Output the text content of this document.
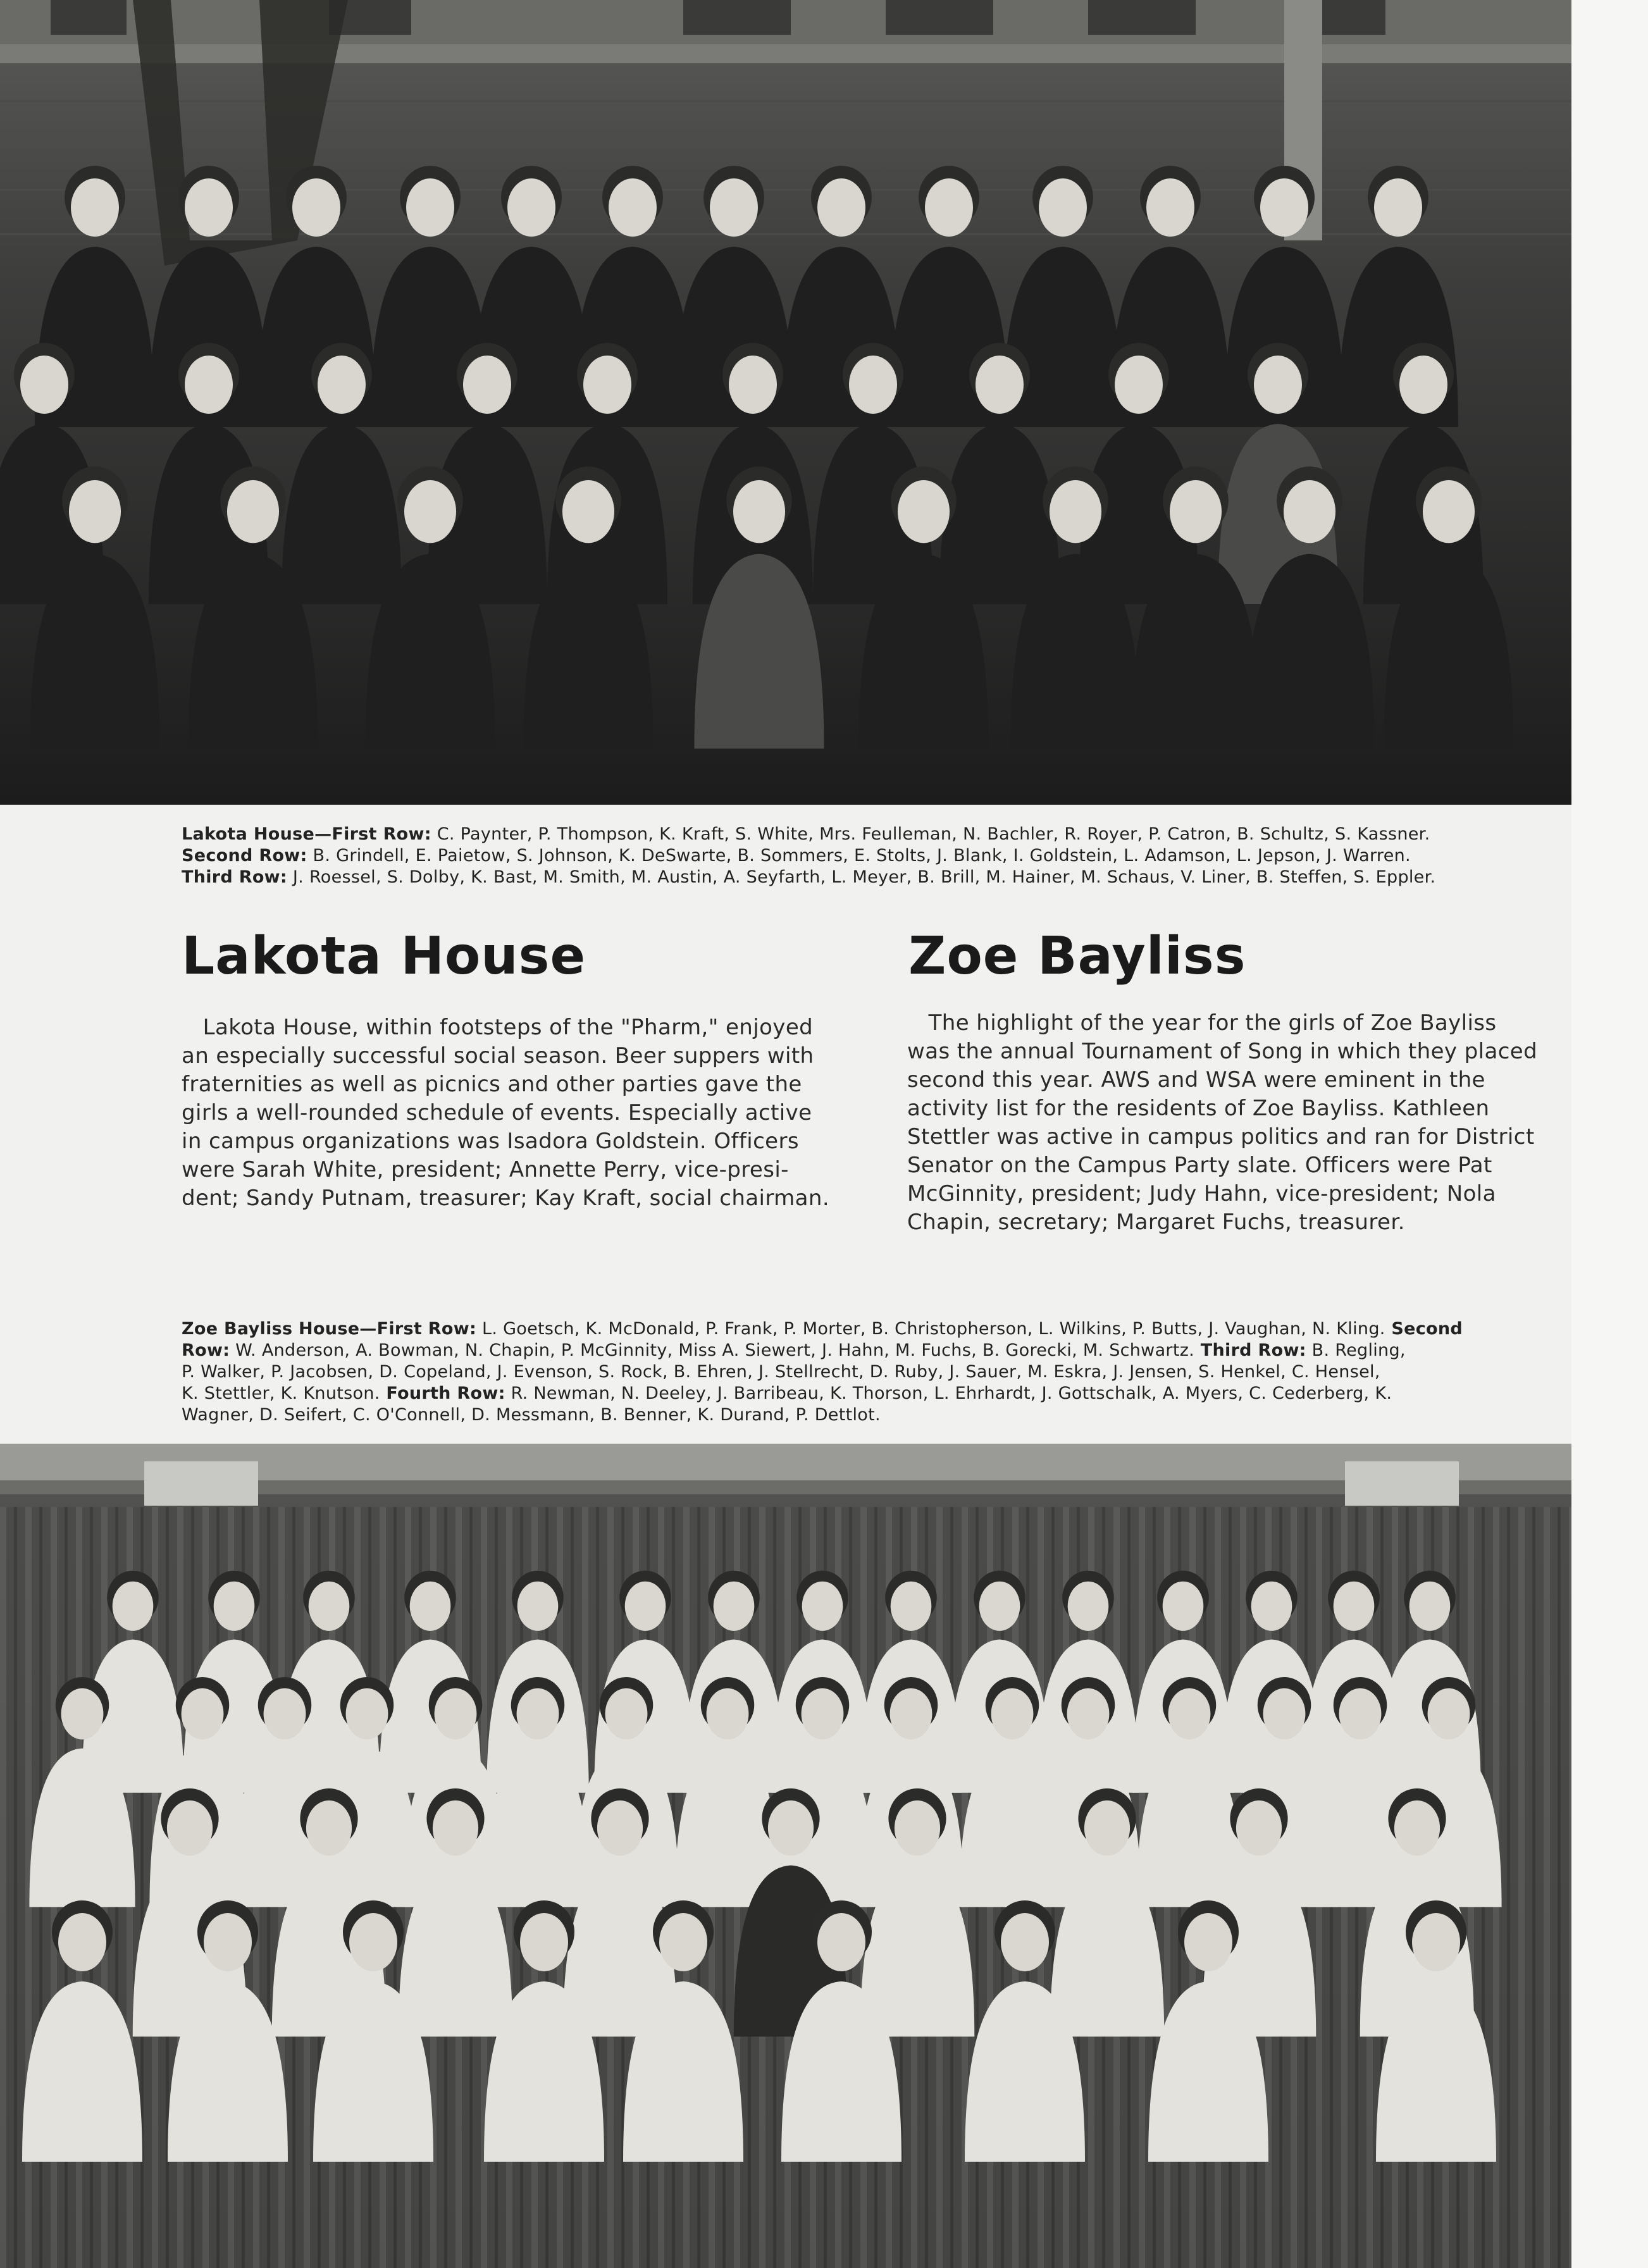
Lakota House—First Row: C. Paynter, P. Thompson, K. Kraft, S. White, Mrs. Feulleman, N. Bachler, R. Royer, P. Catron, B. Schultz, S. Kassner.
Second Row: B. Grindell, E. Paietow, S. Johnson, K. DeSwarte, B. Sommers, E. Stolts, J. Blank, I. Goldstein, L. Adamson, L. Jepson, J. Warren.
Third Row: J. Roessel, S. Dolby, K. Bast, M. Smith, M. Austin, A. Seyfarth, L. Meyer, B. Brill, M. Hainer, M. Schaus, V. Liner, B. Steffen, S. Eppler.
Lakota House	Zoe Bayliss
Lakota House, within footsteps of the "Pharm," enjoyed
an especially successful social season. Beer suppers with
fraternities as well as picnics and other parties gave the
girls a well-rounded schedule of events. Especially active
in campus organizations was Isadora Goldstein. Officers
were Sarah White, president; Annette Perry, vice-presi-
dent; Sandy Putnam, treasurer; Kay Kraft, social chairman.
The highlight of the year for the girls of Zoe Bayliss
was the annual Tournament of Song in which they placed
second this year. AWS and WSA were eminent in the
activity list for the residents of Zoe Bayliss. Kathleen
Stettler was active in campus politics and ran for District
Senator on the Campus Party slate. Officers were Pat
McGinnity, president; Judy Hahn, vice-president; Nola
Chapin, secretary; Margaret Fuchs, treasurer.
Zoe Bayliss House—First Row: L. Goetsch, K. McDonald, P. Frank, P. Morter, B. Christopherson, L. Wilkins, P. Butts, J. Vaughan, N. Kling. Second
Row: W. Anderson, A. Bowman, N. Chapin, P. McGinnity, Miss A. Siewert, J. Hahn, M. Fuchs, B. Gorecki, M. Schwartz. Third Row: B. Regling,
P. Walker, P. Jacobsen, D. Copeland, J. Evenson, S. Rock, B. Ehren, J. Stellrecht, D. Ruby, J. Sauer, M. Eskra, J. Jensen, S. Henkel, C. Hensel,
K. Stettler, K. Knutson. Fourth Row: R. Newman, N. Deeley, J. Barribeau, K. Thorson, L. Ehrhardt, J. Gottschalk, A. Myers, C. Cederberg, K.
Wagner, D. Seifert, C. O'Connell, D. Messmann, B. Benner, K. Durand, P. Dettlot.
